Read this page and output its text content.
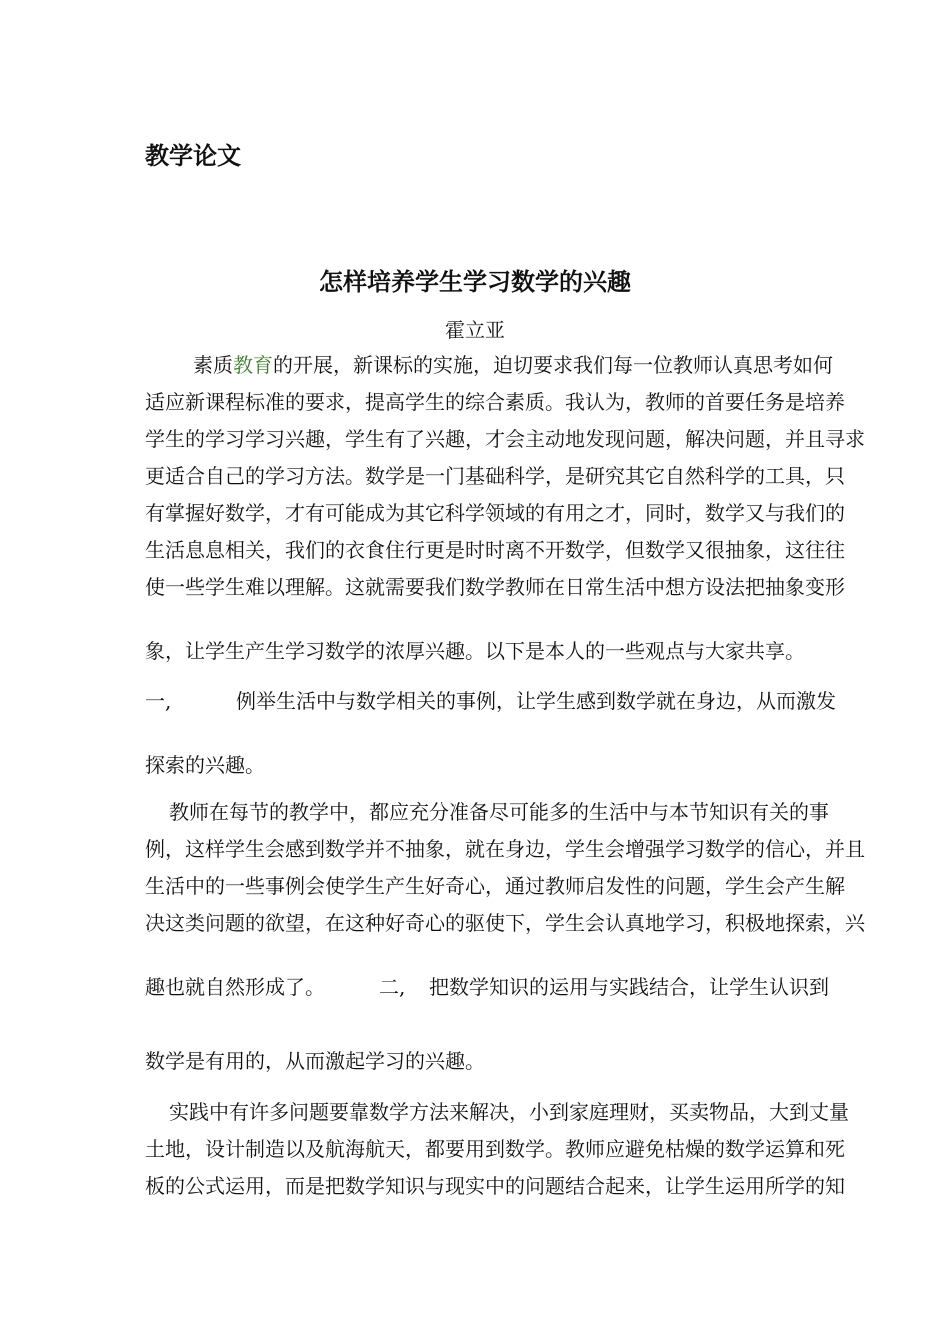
教学论文
怎样培养学生学习数学的兴趣
霍立亚
素质教育的开展，新课标的实施，迫切要求我们每一位教师认真思考如何
适应新课程标准的要求，提高学生的综合素质。我认为，教师的首要任务是培养
学生的学习学习兴趣，学生有了兴趣，才会主动地发现问题，解决问题，并且寻求
更适合自己的学习方法。数学是一门基础科学，是研究其它自然科学的工具，只
有掌握好数学，才有可能成为其它科学领域的有用之才，同时，数学又与我们的
生活息息相关，我们的衣食住行更是时时离不开数学，但数学又很抽象，这往往
使一些学生难以理解。这就需要我们数学教师在日常生活中想方设法把抽象变形
象，让学生产生学习数学的浓厚兴趣。以下是本人的一些观点与大家共享。
一,	例举生活中与数学相关的事例，让学生感到数学就在身边，从而激发
探索的兴趣。
教师在每节的教学中，都应充分准备尽可能多的生活中与本节知识有关的事
例，这样学生会感到数学并不抽象，就在身边，学生会增强学习数学的信心，并且
生活中的一些事例会使学生产生好奇心，通过教师启发性的问题，学生会产生解
决这类问题的欲望，在这种好奇心的驱使下，学生会认真地学习，积极地探索，兴
趣也就自然形成了。	二,	把数学知识的运用与实践结合，让学生认识到
数学是有用的，从而激起学习的兴趣。
实践中有许多问题要靠数学方法来解决，小到家庭理财，买卖物品，大到丈量
土地，设计制造以及航海航天，都要用到数学。教师应避免枯燥的数学运算和死
板的公式运用，而是把数学知识与现实中的问题结合起来，让学生运用所学的知
